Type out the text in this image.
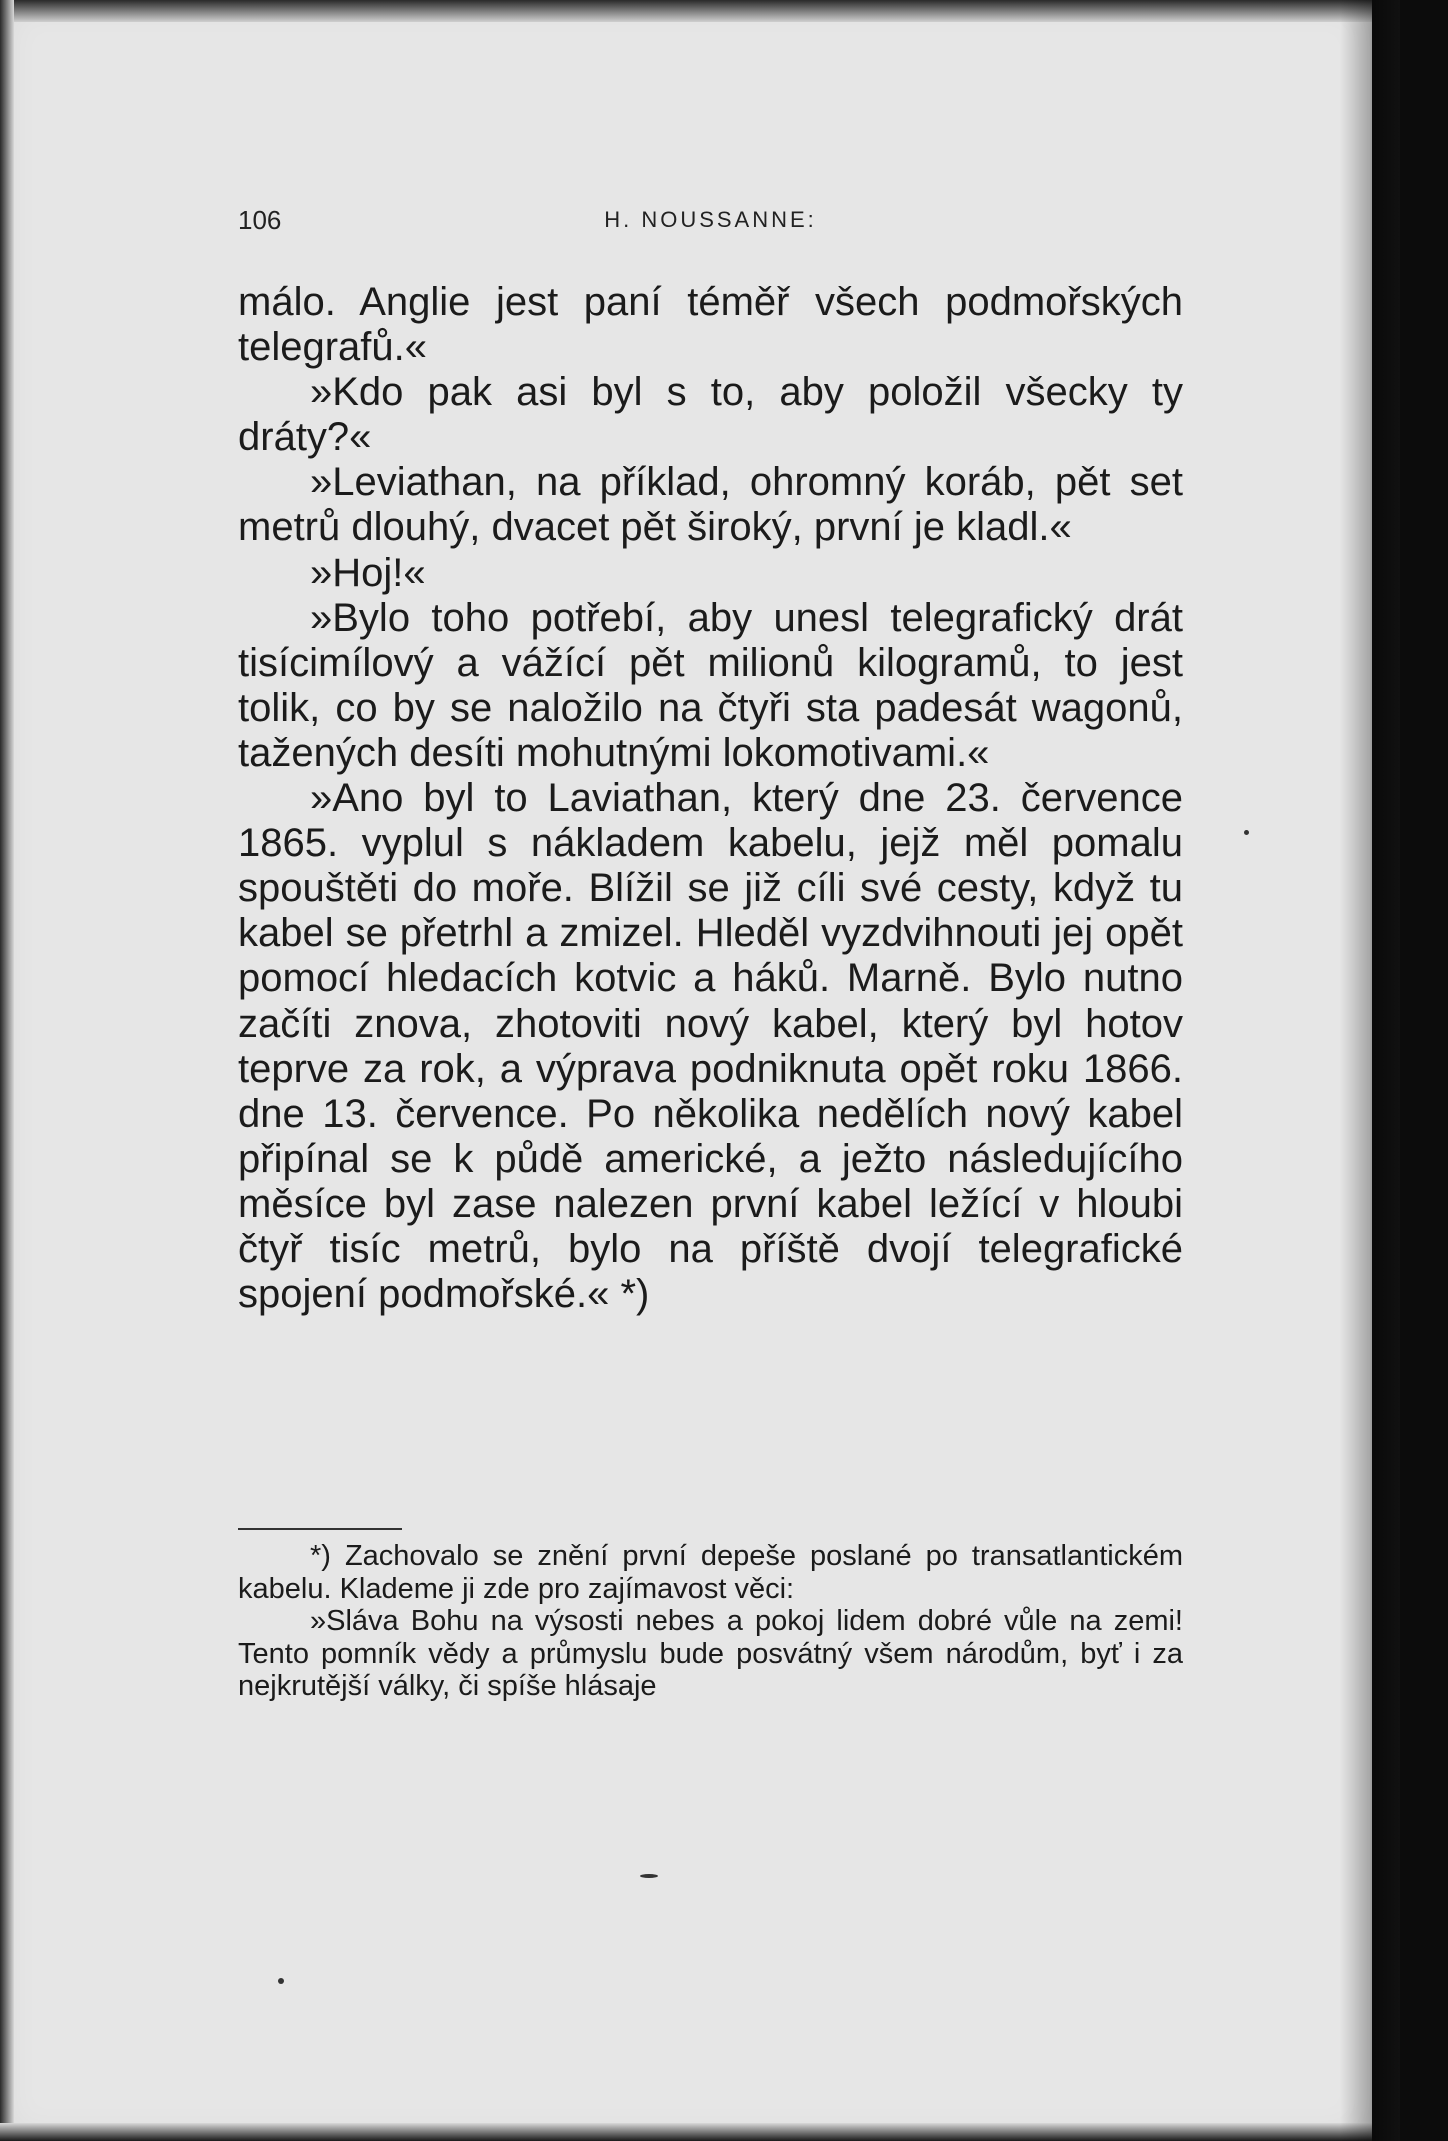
106	H. NOUSSANNE:

málo. Anglie jest paní téměř všech podmořských telegrafů.«

»Kdo pak asi byl s to, aby položil všecky ty dráty?«

»Leviathan, na příklad, ohromný koráb, pět set metrů dlouhý, dvacet pět široký, první je kladl.«

»Hoj!«

»Bylo toho potřebí, aby unesl telegrafický drát tisícimílový a vážící pět milionů kilogramů, to jest tolik, co by se naložilo na čtyři sta padesát wagonů, tažených desíti mohutnými lokomotivami.«

»Ano byl to Laviathan, který dne 23. července 1865. vyplul s nákladem kabelu, jejž měl pomalu spouštěti do moře. Blížil se již cíli své cesty, když tu kabel se přetrhl a zmizel. Hleděl vyzdvihnouti jej opět pomocí hledacích kotvic a háků. Marně. Bylo nutno začíti znova, zhotoviti nový kabel, který byl hotov teprve za rok, a výprava podniknuta opět roku 1866. dne 13. července. Po několika nedělích nový kabel připínal se k půdě americké, a ježto následujícího měsíce byl zase nalezen první kabel ležící v hloubi čtyř tisíc metrů, bylo na příště dvojí telegrafické spojení podmořské.« *)

*) Zachovalo se znění první depeše poslané po transatlantickém kabelu. Klademe ji zde pro zajímavost věci:

»Sláva Bohu na výsosti nebes a pokoj lidem dobré vůle na zemi! Tento pomník vědy a průmyslu bude posvátný všem národům, byť i za nejkrutější války, či spíše hlásaje
